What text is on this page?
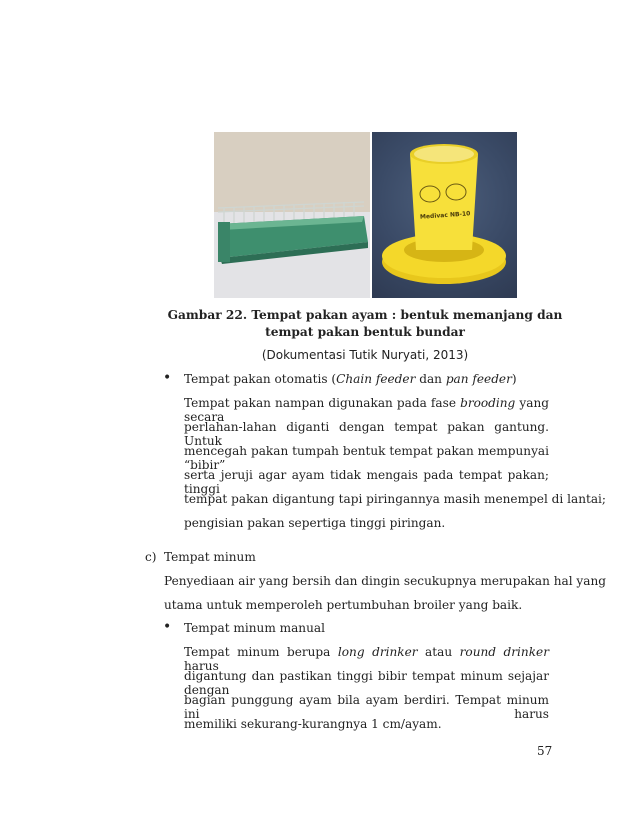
Medivac NB-10
Gambar 22. Tempat pakan ayam : bentuk memanjang dan
tempat pakan bentuk bundar
(Dokumentasi Tutik Nuryati, 2013)
• Tempat pakan otomatis (Chain feeder dan pan feeder)
Tempat pakan nampan digunakan pada fase brooding yang secara
perlahan-lahan diganti dengan tempat pakan gantung. Untuk
mencegah pakan tumpah bentuk tempat pakan mempunyai “bibir”
serta jeruji agar ayam tidak mengais pada tempat pakan; tinggi
tempat pakan digantung tapi piringannya masih menempel di lantai;
pengisian pakan sepertiga tinggi piringan.
c) Tempat minum
Penyediaan air yang bersih dan dingin secukupnya merupakan hal yang
utama untuk memperoleh pertumbuhan broiler yang baik.
• Tempat minum manual
Tempat minum berupa long drinker atau round drinker harus
digantung dan pastikan tinggi bibir tempat minum sejajar dengan
bagian punggung ayam bila ayam berdiri. Tempat minum ini harus
memiliki sekurang-kurangnya 1 cm/ayam.
57
